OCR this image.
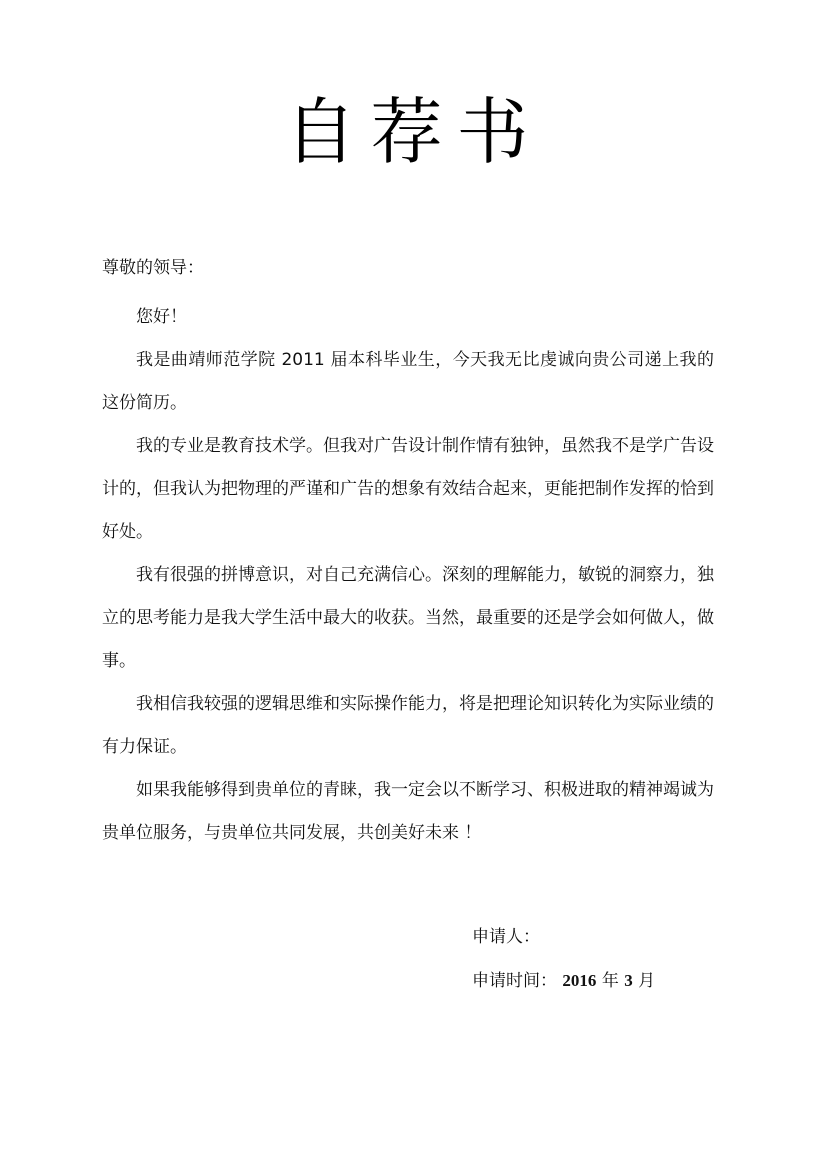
自荐书
尊敬的领导：

您好！

我是曲靖师范学院 2011 届本科毕业生，今天我无比虔诚向贵公司递上我的这份简历。

我的专业是教育技术学。但我对广告设计制作情有独钟，虽然我不是学广告设计的，但我认为把物理的严谨和广告的想象有效结合起来，更能把制作发挥的恰到好处。

我有很强的拼博意识，对自己充满信心。深刻的理解能力，敏锐的洞察力，独立的思考能力是我大学生活中最大的收获。当然，最重要的还是学会如何做人，做事。

我相信我较强的逻辑思维和实际操作能力，将是把理论知识转化为实际业绩的有力保证。

如果我能够得到贵单位的青睐，我一定会以不断学习、积极进取的精神竭诚为贵单位服务，与贵单位共同发展，共创美好未来 ！

申请人：
申请时间： 2016 年 3 月
